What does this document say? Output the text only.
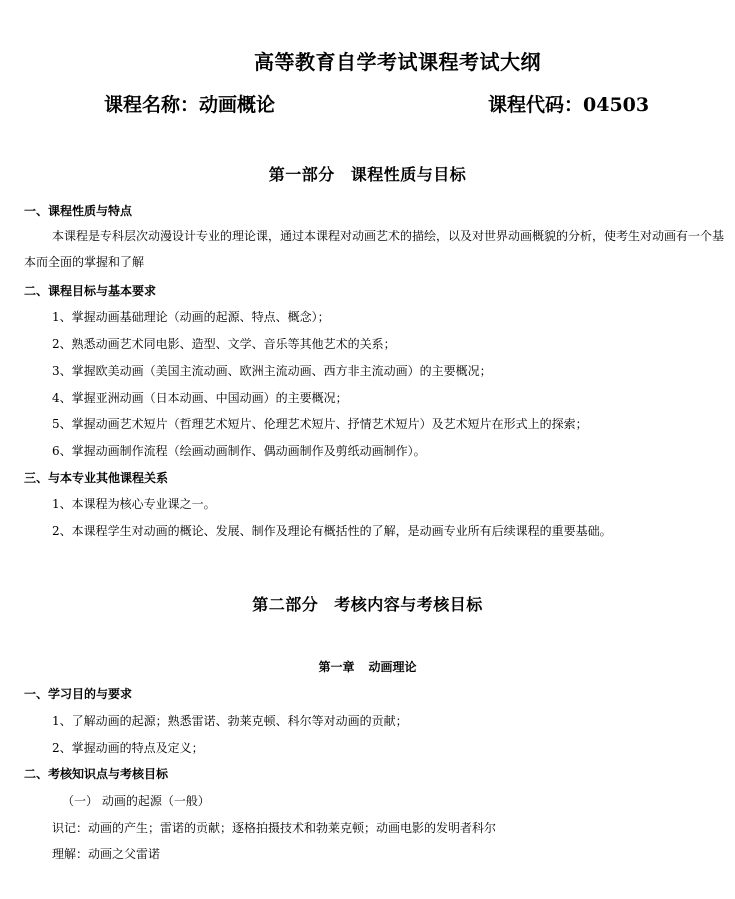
高等教育自学考试课程考试大纲
课程名称：动画概论	课程代码：04503
第一部分 课程性质与目标
一、课程性质与特点
本课程是专科层次动漫设计专业的理论课，通过本课程对动画艺术的描绘，以及对世界动画概貌的分析，使考生对动画有一个基本而全面的掌握和了解
二、课程目标与基本要求
1、掌握动画基础理论（动画的起源、特点、概念）；
2、熟悉动画艺术同电影、造型、文学、音乐等其他艺术的关系；
3、掌握欧美动画（美国主流动画、欧洲主流动画、西方非主流动画）的主要概况；
4、掌握亚洲动画（日本动画、中国动画）的主要概况；
5、掌握动画艺术短片（哲理艺术短片、伦理艺术短片、抒情艺术短片）及艺术短片在形式上的探索；
6、掌握动画制作流程（绘画动画制作、偶动画制作及剪纸动画制作）。
三、与本专业其他课程关系
1、本课程为核心专业课之一。
2、本课程学生对动画的概论、发展、制作及理论有概括性的了解，是动画专业所有后续课程的重要基础。
第二部分 考核内容与考核目标
第一章 动画理论
一、学习目的与要求
1、了解动画的起源；熟悉雷诺、勃莱克顿、科尔等对动画的贡献；
2、掌握动画的特点及定义；
二、考核知识点与考核目标
（一） 动画的起源（一般）
识记：动画的产生；雷诺的贡献；逐格拍摄技术和勃莱克顿；动画电影的发明者科尔
理解：动画之父雷诺
